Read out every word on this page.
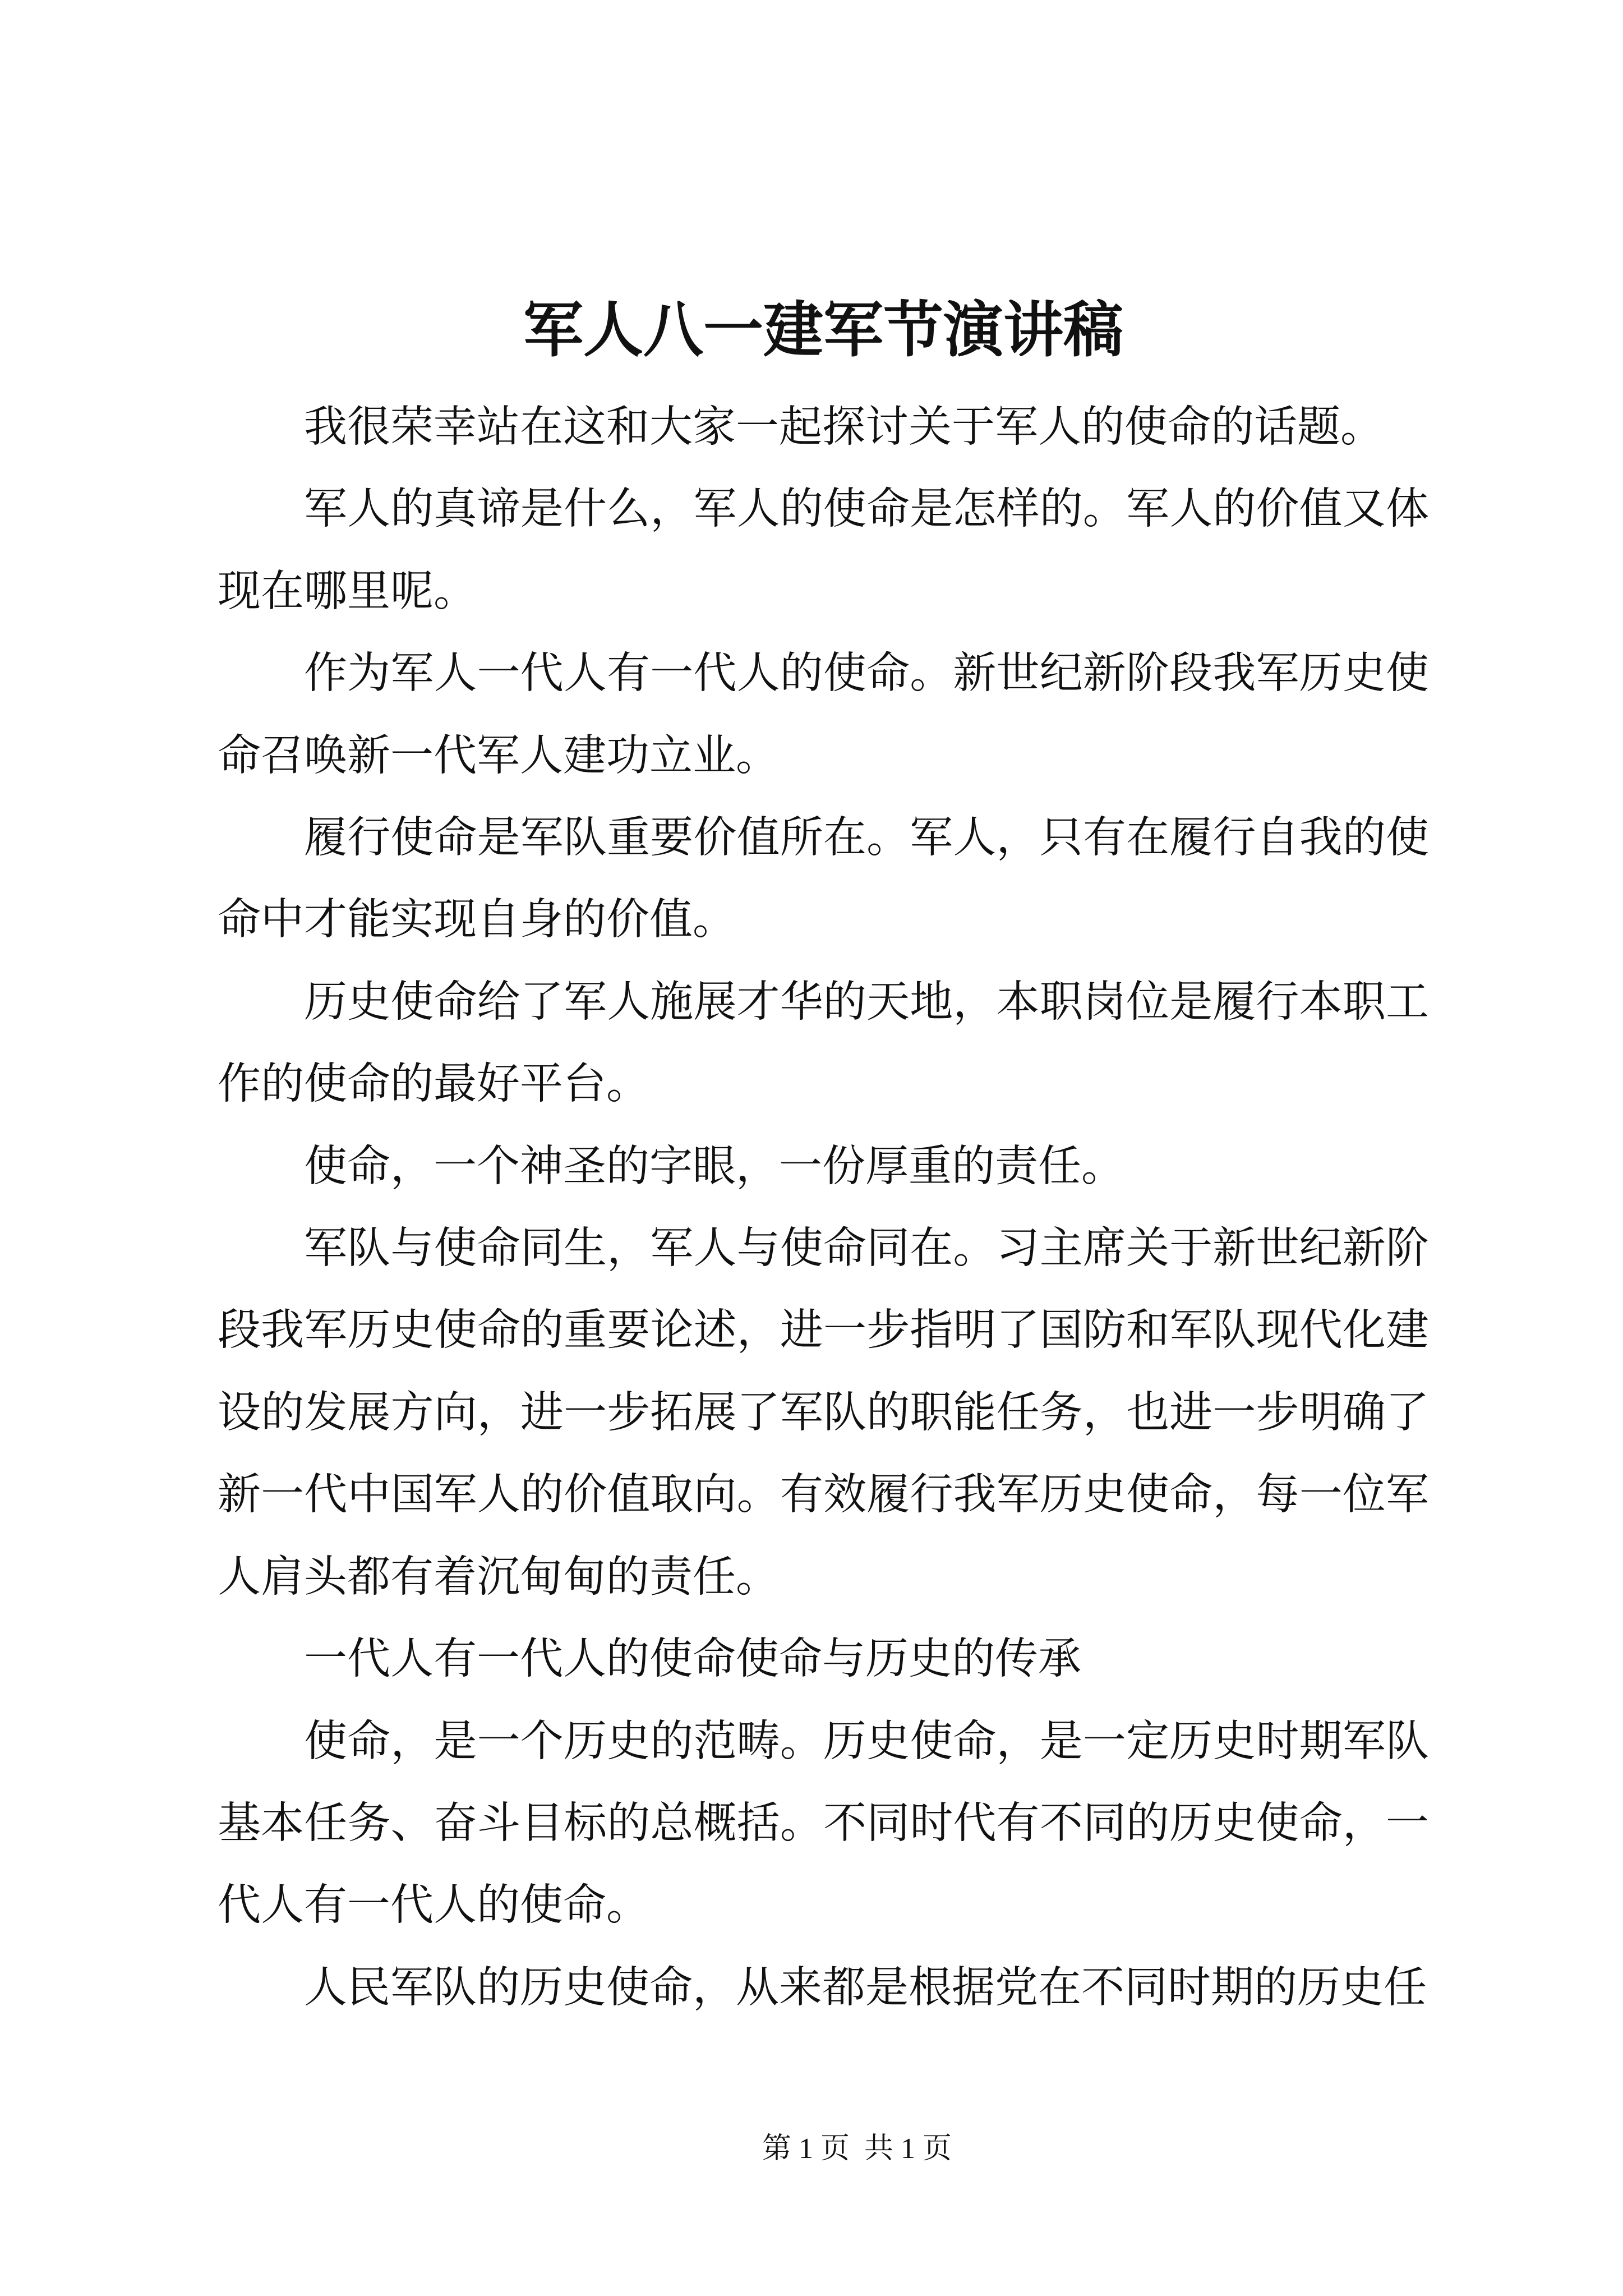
军人八一建军节演讲稿

我很荣幸站在这和大家一起探讨关于军人的使命的话题。

军人的真谛是什么，军人的使命是怎样的。军人的价值又体现在哪里呢。

作为军人一代人有一代人的使命。新世纪新阶段我军历史使命召唤新一代军人建功立业。

履行使命是军队重要价值所在。军人，只有在履行自我的使命中才能实现自身的价值。

历史使命给了军人施展才华的天地，本职岗位是履行本职工作的使命的最好平台。

使命，一个神圣的字眼，一份厚重的责任。

军队与使命同生，军人与使命同在。习主席关于新世纪新阶段我军历史使命的重要论述，进一步指明了国防和军队现代化建设的发展方向，进一步拓展了军队的职能任务，也进一步明确了新一代中国军人的价值取向。有效履行我军历史使命，每一位军人肩头都有着沉甸甸的责任。

一代人有一代人的使命使命与历史的传承

使命，是一个历史的范畴。历史使命，是一定历史时期军队基本任务、奋斗目标的总概括。不同时代有不同的历史使命，一代人有一代人的使命。

人民军队的历史使命，从来都是根据党在不同时期的历史任

第 1 页  共 1 页
